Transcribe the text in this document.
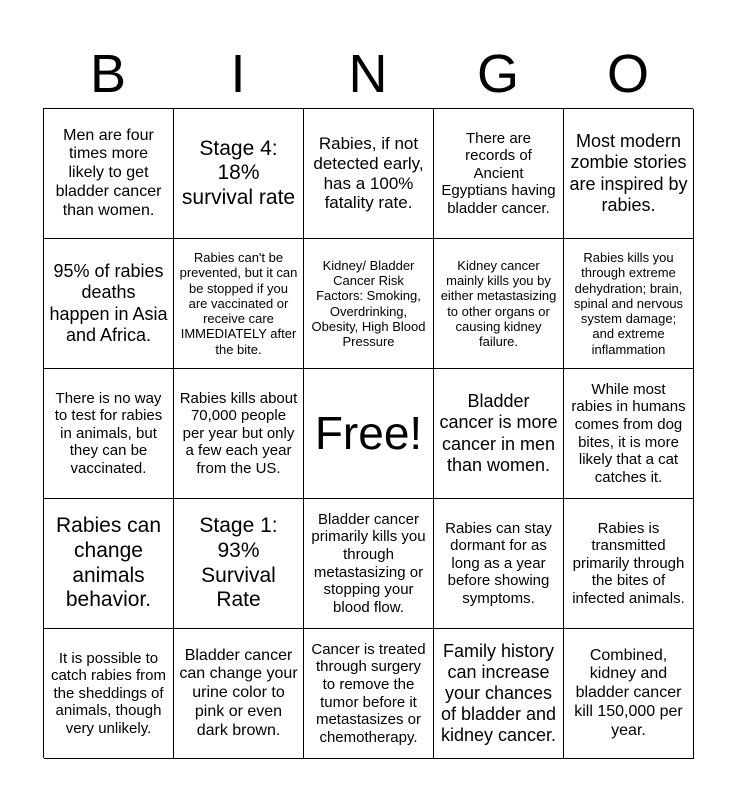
B	I	N	G	O
Men are four times more likely to get bladder cancer than women.
Stage 4: 18% survival rate
Rabies, if not detected early, has a 100% fatality rate.
There are records of Ancient Egyptians having bladder cancer.
Most modern zombie stories are inspired by rabies.
95% of rabies deaths happen in Asia and Africa.
Rabies can't be prevented, but it can be stopped if you are vaccinated or receive care IMMEDIATELY after the bite.
Kidney/ Bladder Cancer Risk Factors: Smoking, Overdrinking, Obesity, High Blood Pressure
Kidney cancer mainly kills you by either metastasizing to other organs or causing kidney failure.
Rabies kills you through extreme dehydration; brain, spinal and nervous system damage; and extreme inflammation
There is no way to test for rabies in animals, but they can be vaccinated.
Rabies kills about 70,000 people per year but only a few each year from the US.
Free!
Bladder cancer is more cancer in men than women.
While most rabies in humans comes from dog bites, it is more likely that a cat catches it.
Rabies can change animals behavior.
Stage 1: 93% Survival Rate
Bladder cancer primarily kills you through metastasizing or stopping your blood flow.
Rabies can stay dormant for as long as a year before showing symptoms.
Rabies is transmitted primarily through the bites of infected animals.
It is possible to catch rabies from the sheddings of animals, though very unlikely.
Bladder cancer can change your urine color to pink or even dark brown.
Cancer is treated through surgery to remove the tumor before it metastasizes or chemotherapy.
Family history can increase your chances of bladder and kidney cancer.
Combined, kidney and bladder cancer kill 150,000 per year.
